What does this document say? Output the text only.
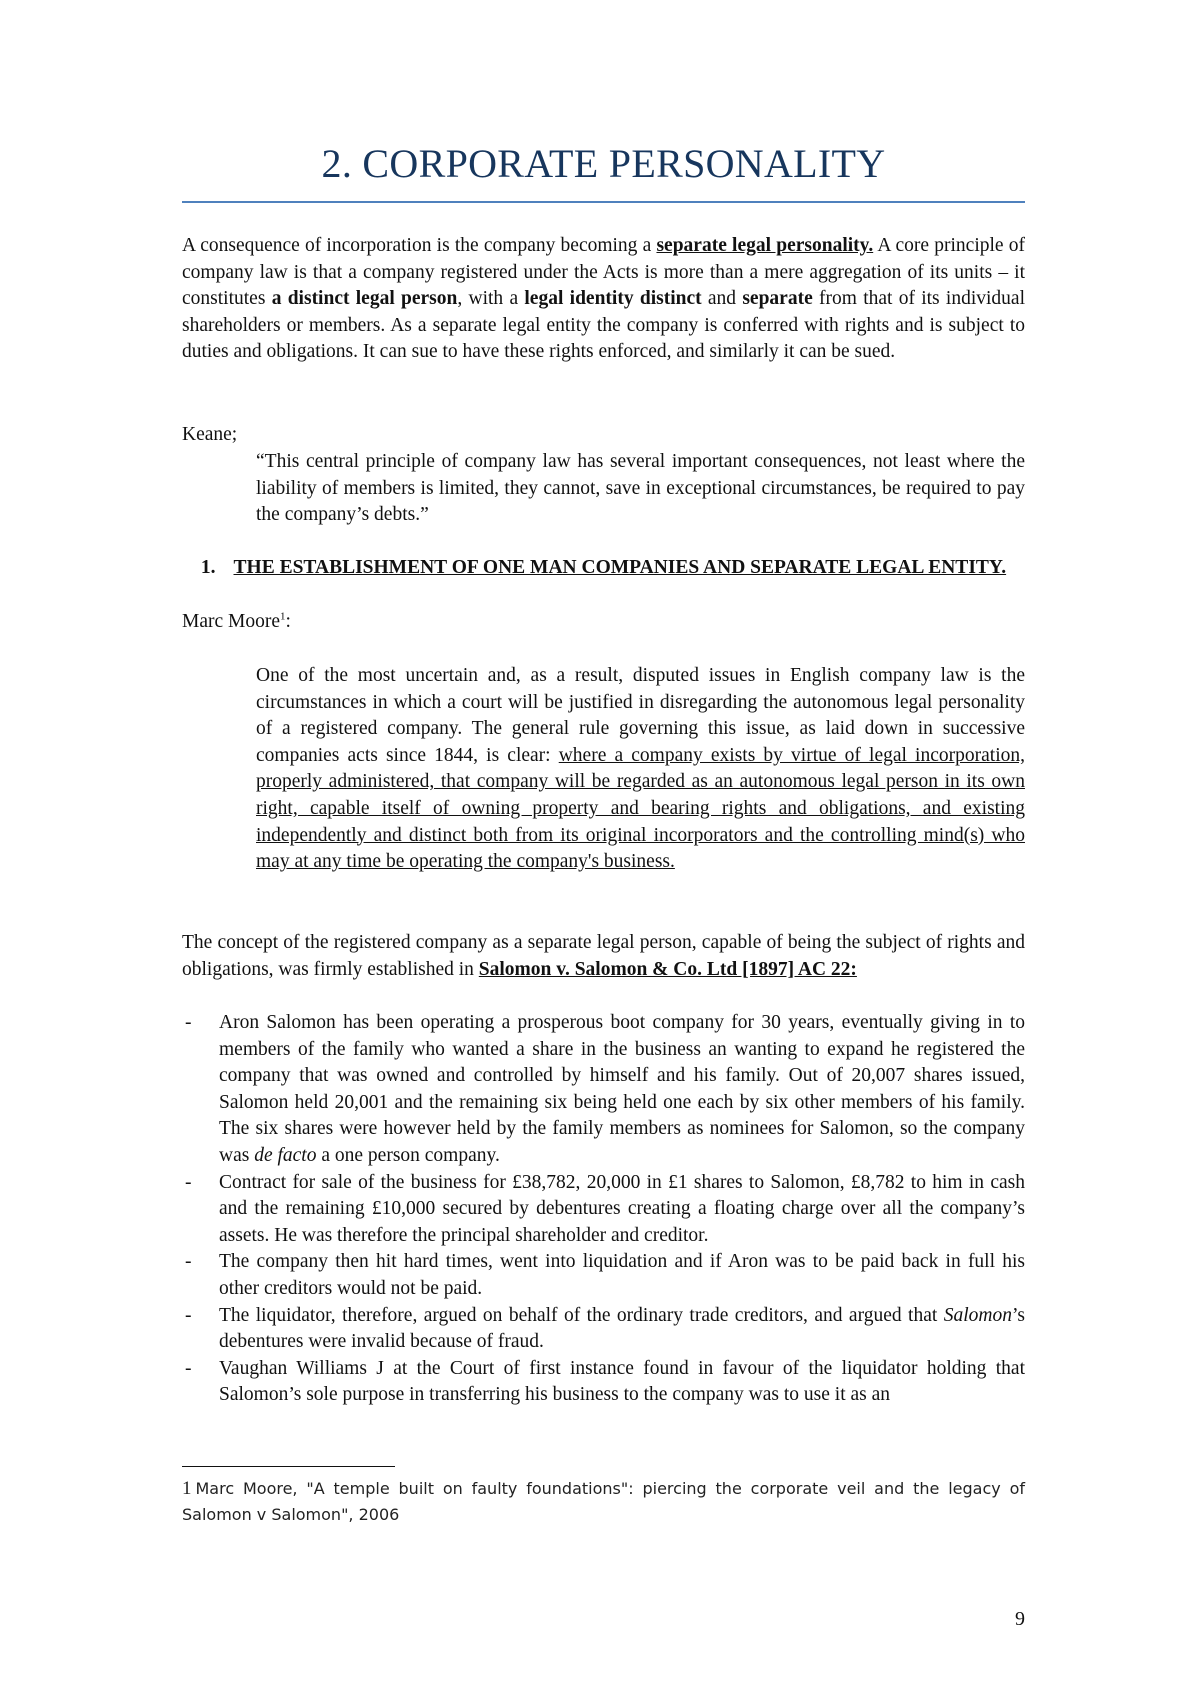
2. CORPORATE PERSONALITY

A consequence of incorporation is the company becoming a separate legal personality. A core principle of company law is that a company registered under the Acts is more than a mere aggregation of its units – it constitutes a distinct legal person, with a legal identity distinct and separate from that of its individual shareholders or members. As a separate legal entity the company is conferred with rights and is subject to duties and obligations. It can sue to have these rights enforced, and similarly it can be sued.

Keane;

“This central principle of company law has several important consequences, not least where the liability of members is limited, they cannot, save in exceptional circumstances, be required to pay the company’s debts.”

1. THE ESTABLISHMENT OF ONE MAN COMPANIES AND SEPARATE LEGAL ENTITY.

Marc Moore$^1$:

One of the most uncertain and, as a result, disputed issues in English company law is the circumstances in which a court will be justified in disregarding the autonomous legal personality of a registered company. The general rule governing this issue, as laid down in successive companies acts since 1844, is clear: where a company exists by virtue of legal incorporation, properly administered, that company will be regarded as an autonomous legal person in its own right, capable itself of owning property and bearing rights and obligations, and existing independently and distinct both from its original incorporators and the controlling mind(s) who may at any time be operating the company's business.

The concept of the registered company as a separate legal person, capable of being the subject of rights and obligations, was firmly established in Salomon v. Salomon & Co. Ltd [1897] AC 22:

- Aron Salomon has been operating a prosperous boot company for 30 years, eventually giving in to members of the family who wanted a share in the business an wanting to expand he registered the company that was owned and controlled by himself and his family. Out of 20,007 shares issued, Salomon held 20,001 and the remaining six being held one each by six other members of his family. The six shares were however held by the family members as nominees for Salomon, so the company was de facto a one person company.
- Contract for sale of the business for £38,782, 20,000 in £1 shares to Salomon, £8,782 to him in cash and the remaining £10,000 secured by debentures creating a floating charge over all the company’s assets. He was therefore the principal shareholder and creditor.
- The company then hit hard times, went into liquidation and if Aron was to be paid back in full his other creditors would not be paid.
- The liquidator, therefore, argued on behalf of the ordinary trade creditors, and argued that Salomon’s debentures were invalid because of fraud.
- Vaughan Williams J at the Court of first instance found in favour of the liquidator holding that Salomon’s sole purpose in transferring his business to the company was to use it as an

1 Marc Moore, "A temple built on faulty foundations": piercing the corporate veil and the legacy of Salomon v Salomon", 2006

9
